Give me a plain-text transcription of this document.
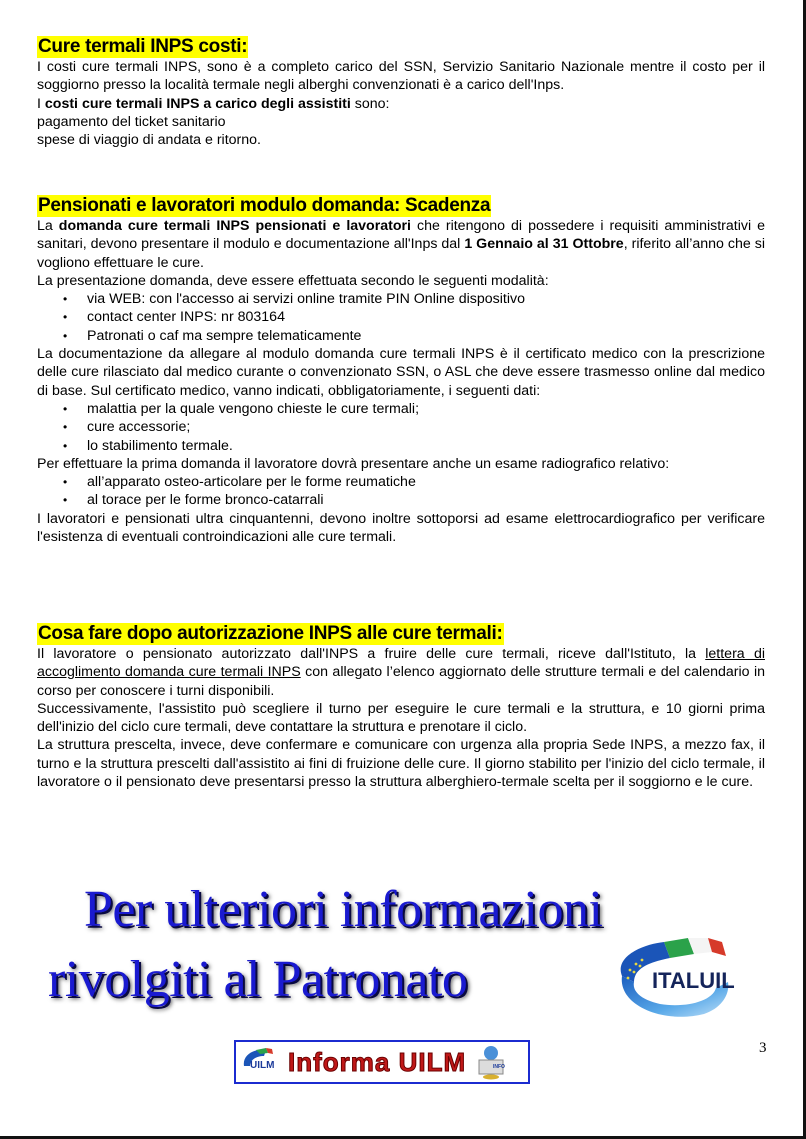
Cure termali INPS costi:

I costi cure termali INPS, sono è a completo carico del SSN, Servizio Sanitario Nazionale mentre il costo per il soggiorno presso la località termale negli alberghi convenzionati è a carico dell'Inps.

I costi cure termali INPS a carico degli assistiti sono:

pagamento del ticket sanitario

spese di viaggio di andata e ritorno.

Pensionati e lavoratori modulo domanda: Scadenza

La domanda cure termali INPS pensionati e lavoratori che ritengono di possedere i requisiti amministrativi e sanitari, devono presentare il modulo e documentazione all'Inps dal 1 Gennaio al 31 Ottobre, riferito all’anno che si vogliono effettuare le cure.

La presentazione domanda, deve essere effettuata secondo le seguenti modalità:

• via WEB: con l'accesso ai servizi online tramite PIN Online dispositivo
• contact center INPS: nr 803164
• Patronati o caf ma sempre telematicamente

La documentazione da allegare al modulo domanda cure termali INPS è il certificato medico con la prescrizione delle cure rilasciato dal medico curante o convenzionato SSN, o ASL che deve essere trasmesso online dal medico di base. Sul certificato medico, vanno indicati, obbligatoriamente, i seguenti dati:

• malattia per la quale vengono chieste le cure termali;
• cure accessorie;
• lo stabilimento termale.

Per effettuare la prima domanda il lavoratore dovrà presentare anche un esame radiografico relativo:

• all’apparato osteo-articolare per le forme reumatiche
• al torace per le forme bronco-catarrali

I lavoratori e pensionati ultra cinquantenni, devono inoltre sottoporsi ad esame elettrocardiografico per verificare l'esistenza di eventuali controindicazioni alle cure termali.

Cosa fare dopo autorizzazione INPS alle cure termali:

Il lavoratore o pensionato autorizzato dall'INPS a fruire delle cure termali, riceve dall'Istituto, la lettera di accoglimento domanda cure termali INPS con allegato l’elenco aggiornato delle strutture termali e del calendario in corso per conoscere i turni disponibili.

Successivamente, l'assistito può scegliere il turno per eseguire le cure termali e la struttura, e 10 giorni prima dell'inizio del ciclo cure termali, deve contattare la struttura e prenotare il ciclo.

La struttura prescelta, invece, deve confermare e comunicare con urgenza alla propria Sede INPS, a mezzo fax, il turno e la struttura prescelti dall'assistito ai fini di fruizione delle cure. Il giorno stabilito per l'inizio del ciclo termale, il lavoratore o il pensionato deve presentarsi presso la struttura alberghiero-termale scelta per il soggiorno e le cure.

Per ulteriori informazioni
rivolgiti al Patronato	ITALUIL
UILM Informa UILM	INFO
3
